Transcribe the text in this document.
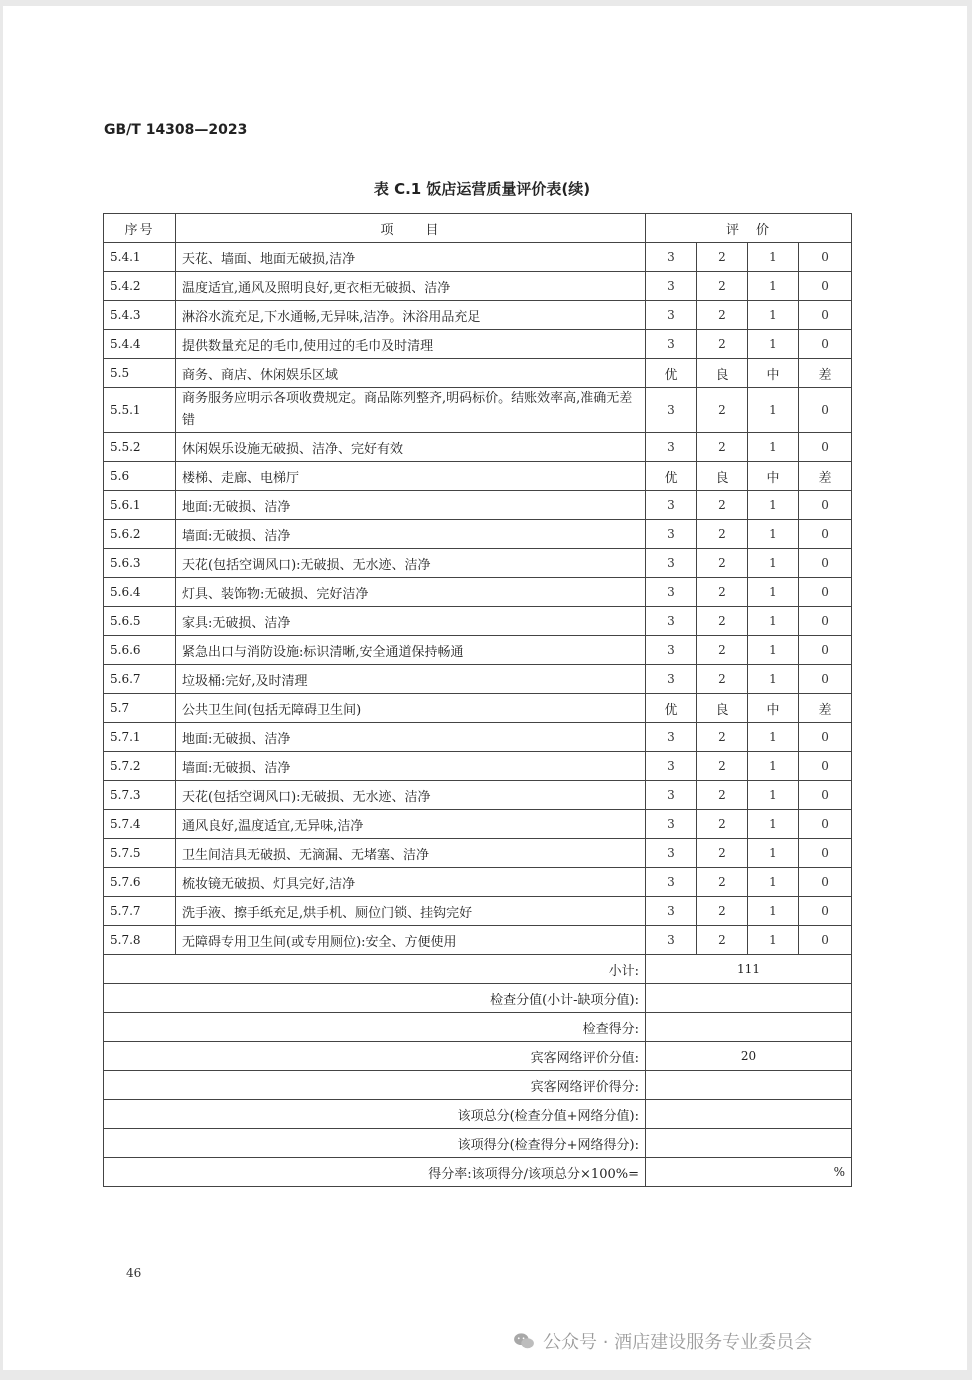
GB/T 14308—2023
表 C.1 饭店运营质量评价表(续)
序号	项　　目	评　价			
5.4.1	天花、墙面、地面无破损,洁净	3	2	1	0
5.4.2	温度适宜,通风及照明良好,更衣柜无破损、洁净	3	2	1	0
5.4.3	淋浴水流充足,下水通畅,无异味,洁净。沐浴用品充足	3	2	1	0
5.4.4	提供数量充足的毛巾,使用过的毛巾及时清理	3	2	1	0
5.5	商务、商店、休闲娱乐区域	优	良	中	差
5.5.1	商务服务应明示各项收费规定。商品陈列整齐,明码标价。结账效率高,准确无差错	3	2	1	0
5.5.2	休闲娱乐设施无破损、洁净、完好有效	3	2	1	0
5.6	楼梯、走廊、电梯厅	优	良	中	差
5.6.1	地面:无破损、洁净	3	2	1	0
5.6.2	墙面:无破损、洁净	3	2	1	0
5.6.3	天花(包括空调风口):无破损、无水迹、洁净	3	2	1	0
5.6.4	灯具、装饰物:无破损、完好洁净	3	2	1	0
5.6.5	家具:无破损、洁净	3	2	1	0
5.6.6	紧急出口与消防设施:标识清晰,安全通道保持畅通	3	2	1	0
5.6.7	垃圾桶:完好,及时清理	3	2	1	0
5.7	公共卫生间(包括无障碍卫生间)	优	良	中	差
5.7.1	地面:无破损、洁净	3	2	1	0
5.7.2	墙面:无破损、洁净	3	2	1	0
5.7.3	天花(包括空调风口):无破损、无水迹、洁净	3	2	1	0
5.7.4	通风良好,温度适宜,无异味,洁净	3	2	1	0
5.7.5	卫生间洁具无破损、无滴漏、无堵塞、洁净	3	2	1	0
5.7.6	梳妆镜无破损、灯具完好,洁净	3	2	1	0
5.7.7	洗手液、擦手纸充足,烘手机、厕位门锁、挂钩完好	3	2	1	0
5.7.8	无障碍专用卫生间(或专用厕位):安全、方便使用	3	2	1	0
小计:		111			
检查分值(小计-缺项分值):					
检查得分:					
宾客网络评价分值:		20			
宾客网络评价得分:					
该项总分(检查分值+网络分值):					
该项得分(检查得分+网络得分):					
得分率:该项得分/该项总分×100%=		%			
46
公众号 · 酒店建设服务专业委员会
